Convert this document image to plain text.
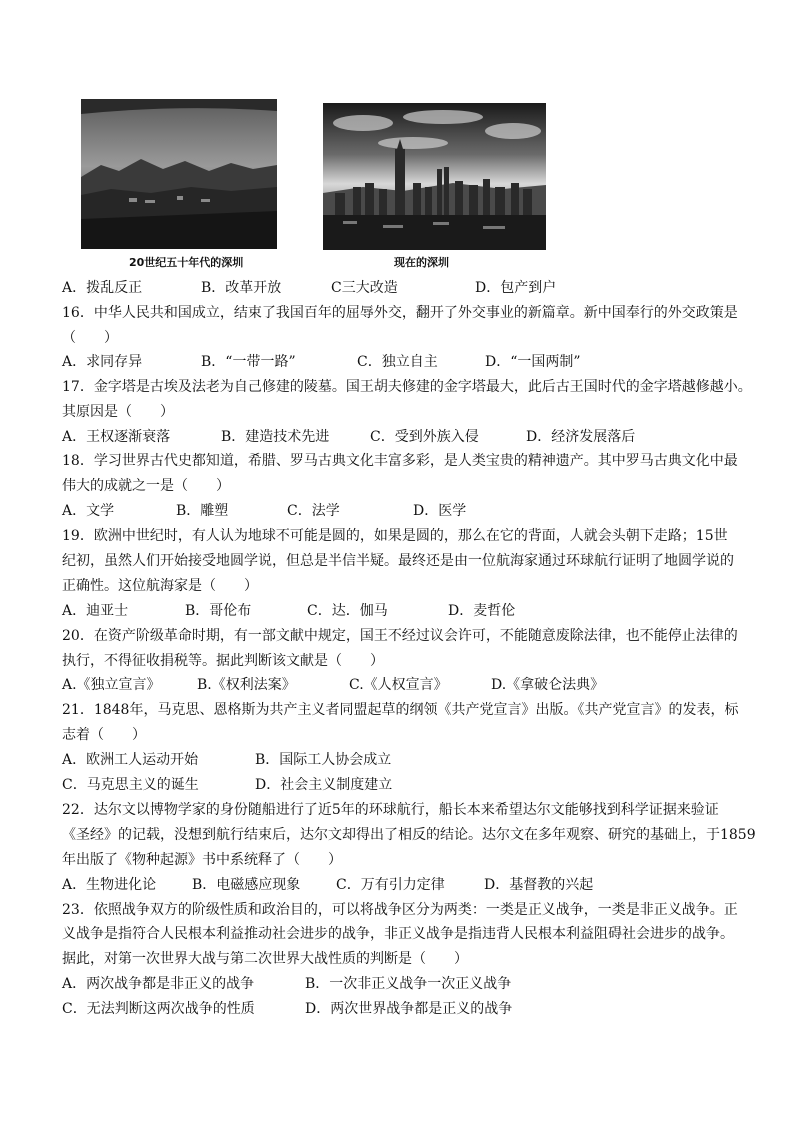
20世纪五十年代的深圳	现在的深圳
A．拨乱反正	B．改革开放	C三大改造	D．包产到户
16．中华人民共和国成立，结束了我国百年的屈辱外交，翻开了外交事业的新篇章。新中国奉行的外交政策是
（　　）
A．求同存异	B．“一带一路”	C．独立自主	D．“一国两制”
17．金字塔是古埃及法老为自己修建的陵墓。国王胡夫修建的金字塔最大，此后古王国时代的金字塔越修越小。
其原因是（　　）
A．王权逐渐衰落	B．建造技术先进	C．受到外族入侵	D．经济发展落后
18．学习世界古代史都知道，希腊、罗马古典文化丰富多彩，是人类宝贵的精神遗产。其中罗马古典文化中最
伟大的成就之一是（　　）
A．文学	B．雕塑	C．法学	D．医学
19．欧洲中世纪时，有人认为地球不可能是圆的，如果是圆的，那么在它的背面，人就会头朝下走路；15世
纪初，虽然人们开始接受地圆学说，但总是半信半疑。最终还是由一位航海家通过环球航行证明了地圆学说的
正确性。这位航海家是（　　）
A．迪亚士	B．哥伦布	C．达．伽马	D．麦哲伦
20．在资产阶级革命时期，有一部文献中规定，国王不经过议会许可，不能随意废除法律，也不能停止法律的
执行，不得征收捐税等。据此判断该文献是（　　）
A.《独立宣言》	B.《权利法案》	C.《人权宣言》	D.《拿破仑法典》
21．1848年，马克思、恩格斯为共产主义者同盟起草的纲领《共产党宣言》出版。《共产党宣言》的发表，标
志着（　　）
A．欧洲工人运动开始	B．国际工人协会成立
C．马克思主义的诞生	D．社会主义制度建立
22．达尔文以博物学家的身份随船进行了近5年的环球航行，船长本来希望达尔文能够找到科学证据来验证
《圣经》的记载，没想到航行结束后，达尔文却得出了相反的结论。达尔文在多年观察、研究的基础上，于1859
年出版了《物种起源》书中系统释了（　　）
A．生物进化论	B．电磁感应现象	C．万有引力定律	D．基督教的兴起
23．依照战争双方的阶级性质和政治目的，可以将战争区分为两类：一类是正义战争，一类是非正义战争。正
义战争是指符合人民根本利益推动社会进步的战争，非正义战争是指违背人民根本利益阻碍社会进步的战争。
据此，对第一次世界大战与第二次世界大战性质的判断是（　　）
A．两次战争都是非正义的战争	B．一次非正义战争一次正义战争
C．无法判断这两次战争的性质	D．两次世界战争都是正义的战争
